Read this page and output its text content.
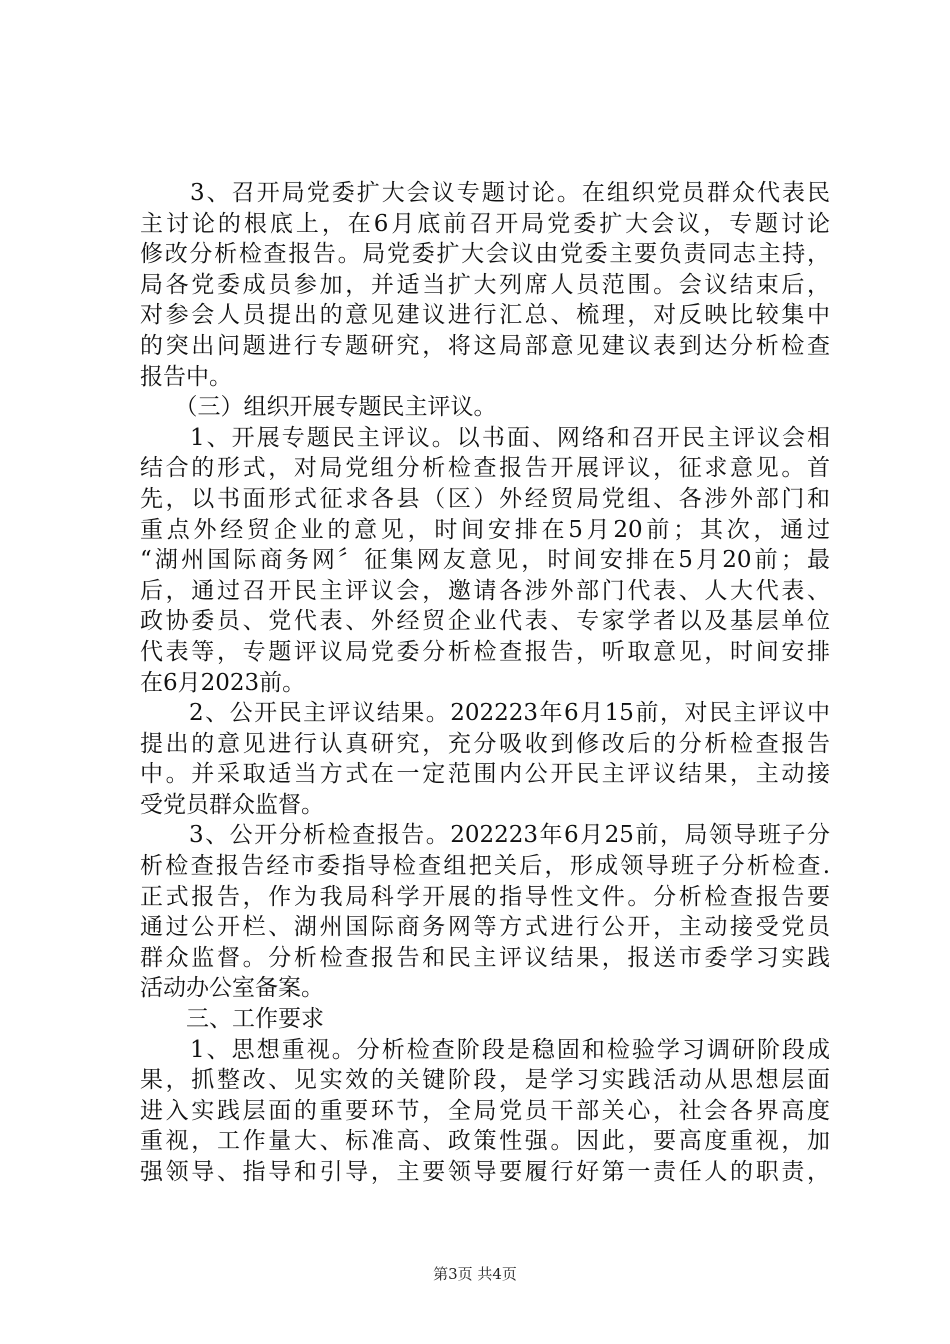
　　3、召开局党委扩大会议专题讨论。在组织党员群众代表民
主讨论的根底上，在6月底前召开局党委扩大会议，专题讨论
修改分析检查报告。局党委扩大会议由党委主要负责同志主持，
局各党委成员参加，并适当扩大列席人员范围。会议结束后，
对参会人员提出的意见建议进行汇总、梳理，对反映比较集中
的突出问题进行专题研究，将这局部意见建议表到达分析检查
报告中。
　　（三）组织开展专题民主评议。
　　1、开展专题民主评议。以书面、网络和召开民主评议会相
结合的形式，对局党组分析检查报告开展评议，征求意见。首
先，以书面形式征求各县（区）外经贸局党组、各涉外部门和
重点外经贸企业的意见，时间安排在5月20前；其次，通过
“湖州国际商务网〞征集网友意见，时间安排在5月20前；最
后，通过召开民主评议会，邀请各涉外部门代表、人大代表、
政协委员、党代表、外经贸企业代表、专家学者以及基层单位
代表等，专题评议局党委分析检查报告，听取意见，时间安排
在6月2023前。
　　2、公开民主评议结果。202223年6月15前，对民主评议中
提出的意见进行认真研究，充分吸收到修改后的分析检查报告
中。并采取适当方式在一定范围内公开民主评议结果，主动接
受党员群众监督。
　　3、公开分析检查报告。202223年6月25前，局领导班子分
析检查报告经市委指导检查组把关后，形成领导班子分析检查.
正式报告，作为我局科学开展的指导性文件。分析检查报告要
通过公开栏、湖州国际商务网等方式进行公开，主动接受党员
群众监督。分析检查报告和民主评议结果，报送市委学习实践
活动办公室备案。
　　三、工作要求
　　1、思想重视。分析检查阶段是稳固和检验学习调研阶段成
果，抓整改、见实效的关键阶段，是学习实践活动从思想层面
进入实践层面的重要环节，全局党员干部关心，社会各界高度
重视，工作量大、标准高、政策性强。因此，要高度重视，加
强领导、指导和引导，主要领导要履行好第一责任人的职责，
第3页 共4页
